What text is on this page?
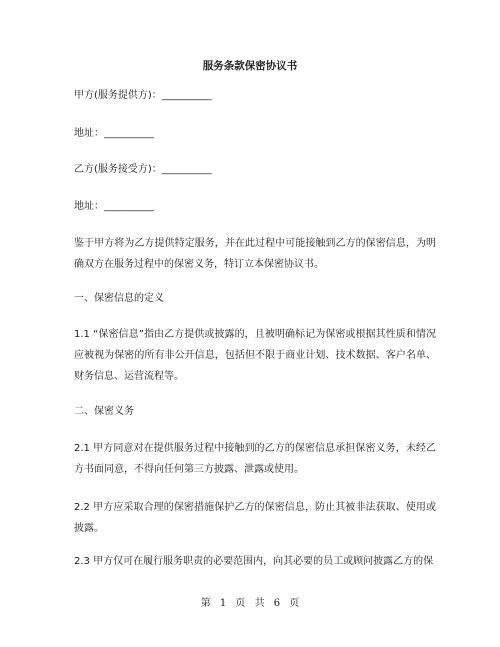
服务条款保密协议书
甲方(服务提供方)：__________
地址：__________
乙方(服务接受方)：__________
地址：__________
鉴于甲方将为乙方提供特定服务，并在此过程中可能接触到乙方的保密信息，为明确双方在服务过程中的保密义务，特订立本保密协议书。
一、保密信息的定义
1.1 “保密信息”指由乙方提供或披露的，且被明确标记为保密或根据其性质和情况应被视为保密的所有非公开信息，包括但不限于商业计划、技术数据、客户名单、财务信息、运营流程等。
二、保密义务
2.1 甲方同意对在提供服务过程中接触到的乙方的保密信息承担保密义务，未经乙方书面同意，不得向任何第三方披露、泄露或使用。
2.2 甲方应采取合理的保密措施保护乙方的保密信息，防止其被非法获取、使用或披露。
2.3 甲方仅可在履行服务职责的必要范围内，向其必要的员工或顾问披露乙方的保
第 1 页 共 6 页
